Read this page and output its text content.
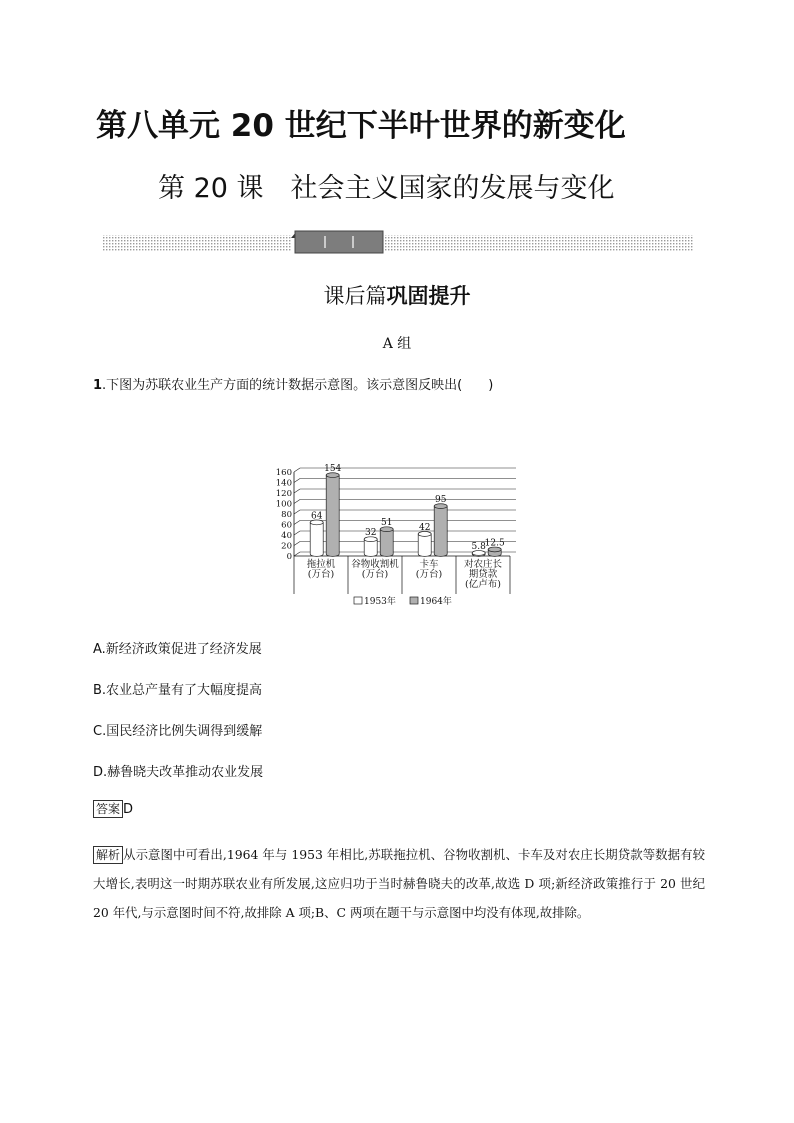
第八单元 20 世纪下半叶世界的新变化
第 20 课　社会主义国家的发展与变化
课后篇巩固提升
A 组
1.下图为苏联农业生产方面的统计数据示意图。该示意图反映出(　　)
0
20
40
60
80
100
120
140
160
拖拉机
(万台)
谷物收割机
(万台)
卡车
(万台)
对农庄长
期贷款
(亿卢布)
64
32
42
5.8
154
51
95
12.5
1953年	1964年
A.新经济政策促进了经济发展
B.农业总产量有了大幅度提高
C.国民经济比例失调得到缓解
D.赫鲁晓夫改革推动农业发展
答案 D
解析 从示意图中可看出,1964 年与 1953 年相比,苏联拖拉机、谷物收割机、卡车及对农庄长期贷款等数据有较大增长,表明这一时期苏联农业有所发展,这应归功于当时赫鲁晓夫的改革,故选 D 项;新经济政策推行于 20 世纪 20 年代,与示意图时间不符,故排除 A 项;B、C 两项在题干与示意图中均没有体现,故排除。
